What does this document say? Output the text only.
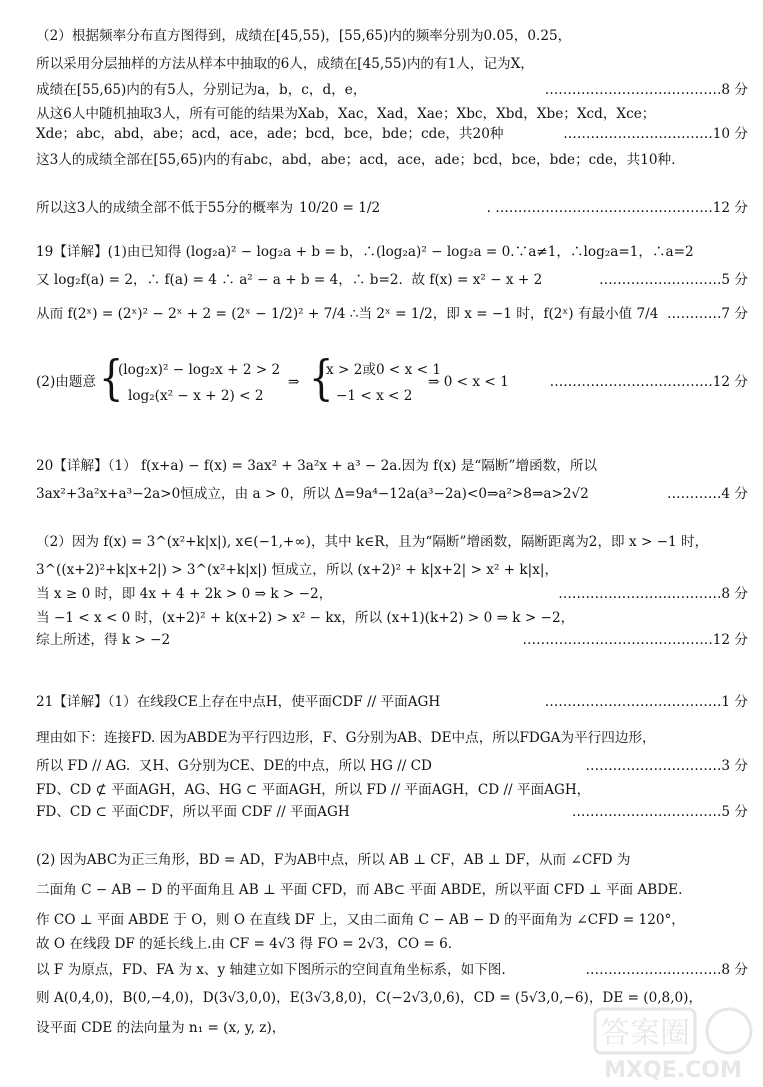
（2）根据频率分布直方图得到，成绩在[45,55)，[55,65)内的频率分别为0.05，0.25，
所以采用分层抽样的方法从样本中抽取的6人，成绩在[45,55)内的有1人，记为X，
成绩在[55,65)内的有5人，分别记为a，b，c，d，e，	…………………………………8 分
从这6人中随机抽取3人，所有可能的结果为Xab，Xac，Xad，Xae；Xbc，Xbd，Xbe；Xcd，Xce；
Xde；abc，abd，abe；acd，ace，ade；bcd，bce，bde；cde，共20种	……………………………10 分
这3人的成绩全部在[55,65)内的有abc，abd，abe；acd，ace，ade；bcd，bce，bde；cde，共10种.
所以这3人的成绩全部不低于55分的概率为 10/20 = 1/2	. …………………………………………12 分
19【详解】(1)由已知得 (log₂a)² − log₂a + b = b，∴(log₂a)² − log₂a = 0.∵a≠1，∴log₂a=1，∴a=2
又 log₂f(a) = 2，∴ f(a) = 4 ∴ a² − a + b = 4，∴ b=2.  故 f(x) = x² − x + 2	………………………5 分
从而 f(2ˣ) = (2ˣ)² − 2ˣ + 2 = (2ˣ − 1/2)² + 7/4 ∴当 2ˣ = 1/2，即 x = −1 时，f(2ˣ) 有最小值 7/4 …………7 分
(2)由题意 {
(log₂x)² − log₂x + 2 > 2
log₂(x² − x + 2) < 2
⇒ {
x > 2或0 < x < 1
−1 < x < 2
⇒ 0 < x < 1	………………………………12 分
20【详解】（1） f(x+a) − f(x) = 3ax² + 3a²x + a³ − 2a.因为 f(x) 是“隔断”增函数，所以
3ax²+3a²x+a³−2a>0恒成立，由 a > 0，所以 Δ=9a⁴−12a(a³−2a)<0⇒a²>8⇒a>2√2	…………4 分
（2）因为 f(x) = 3^(x²+k|x|), x∈(−1,+∞)，其中 k∈R，且为“隔断”增函数，隔断距离为2，即 x > −1 时，
3^((x+2)²+k|x+2|) > 3^(x²+k|x|) 恒成立，所以 (x+2)² + k|x+2| > x² + k|x|，
当 x ≥ 0 时，即 4x + 4 + 2k > 0 ⇒ k > −2，	………………………………8 分
当 −1 < x < 0 时，(x+2)² + k(x+2) > x² − kx，所以 (x+1)(k+2) > 0 ⇒ k > −2，
综上所述，得 k > −2	……………………………………12 分
21【详解】（1）在线段CE上存在中点H，使平面CDF // 平面AGH	…………………………………1 分
理由如下：连接FD. 因为ABDE为平行四边形，F、G分别为AB、DE中点，所以FDGA为平行四边形，
所以 FD // AG.  又H、G分别为CE、DE的中点，所以 HG // CD	…………………………3 分
FD、CD ⊄ 平面AGH，AG、HG ⊂ 平面AGH，所以 FD // 平面AGH，CD // 平面AGH，
FD、CD ⊂ 平面CDF，所以平面 CDF // 平面AGH	……………………………5 分
(2) 因为ABC为正三角形，BD = AD，F为AB中点，所以 AB ⊥ CF，AB ⊥ DF，从而 ∠CFD 为
二面角 C − AB − D 的平面角且 AB ⊥ 平面 CFD，而 AB⊂ 平面 ABDE，所以平面 CFD ⊥ 平面 ABDE.
作 CO ⊥ 平面 ABDE 于 O，则 O 在直线 DF 上，又由二面角 C − AB − D 的平面角为 ∠CFD = 120°，
故 O 在线段 DF 的延长线上.由 CF = 4√3 得 FO = 2√3，CO = 6.
以 F 为原点，FD、FA 为 x、y 轴建立如下图所示的空间直角坐标系，如下图.	…………………………8 分
则 A(0,4,0)，B(0,−4,0)，D(3√3,0,0)，E(3√3,8,0)，C(−2√3,0,6)，CD = (5√3,0,−6)，DE = (0,8,0)，
设平面 CDE 的法向量为 n₁ = (x, y, z)，	答案圈
MXQE.COM
